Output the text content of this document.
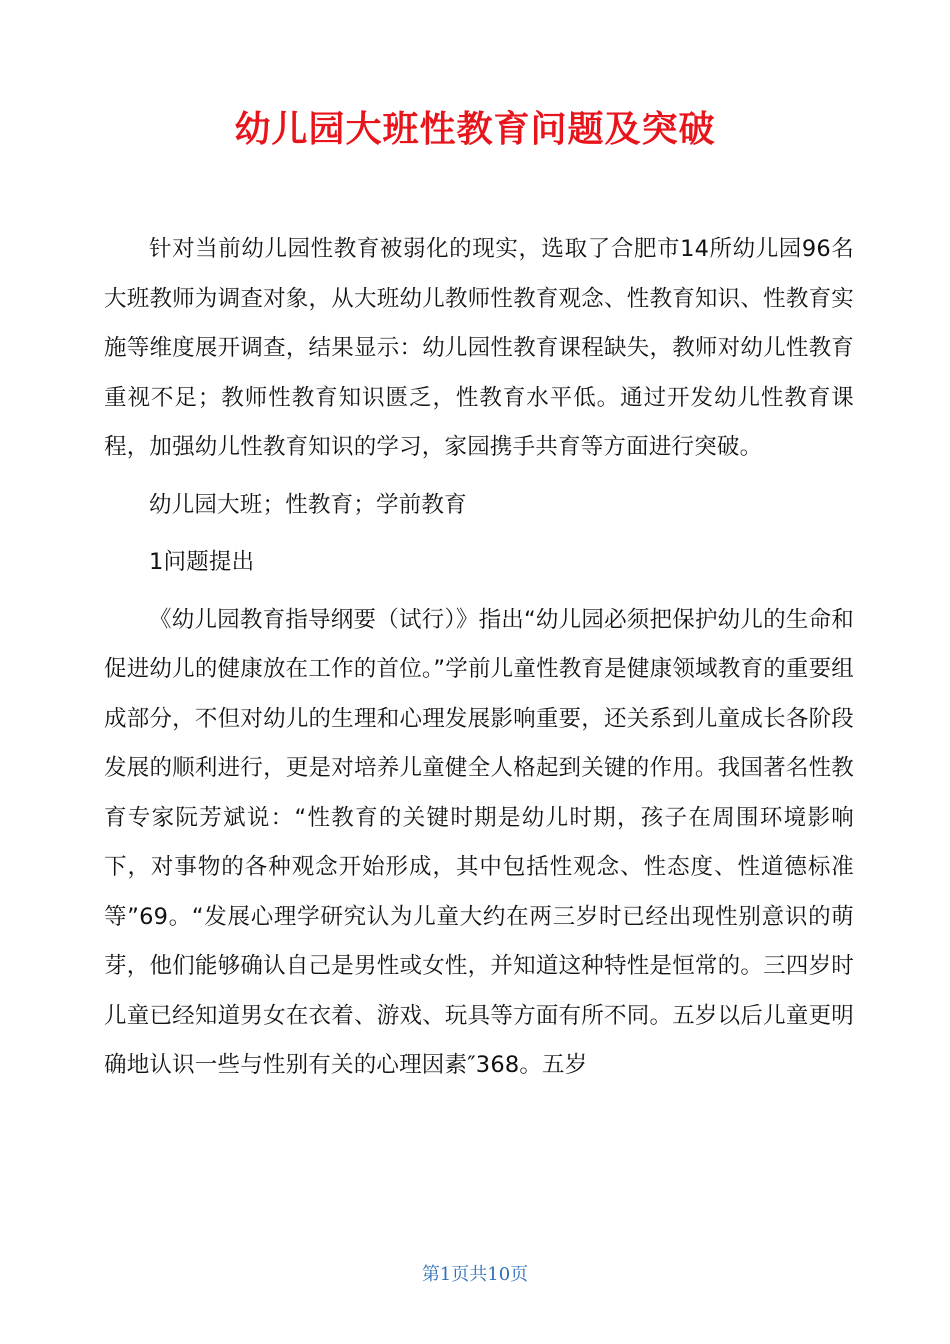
幼儿园大班性教育问题及突破

针对当前幼儿园性教育被弱化的现实，选取了合肥市14所幼儿园96名大班教师为调查对象，从大班幼儿教师性教育观念、性教育知识、性教育实施等维度展开调查，结果显示：幼儿园性教育课程缺失，教师对幼儿性教育重视不足；教师性教育知识匮乏，性教育水平低。通过开发幼儿性教育课程，加强幼儿性教育知识的学习，家园携手共育等方面进行突破。

幼儿园大班；性教育；学前教育

1问题提出

《幼儿园教育指导纲要（试行）》指出“幼儿园必须把保护幼儿的生命和促进幼儿的健康放在工作的首位。”学前儿童性教育是健康领域教育的重要组成部分，不但对幼儿的生理和心理发展影响重要，还关系到儿童成长各阶段发展的顺利进行，更是对培养儿童健全人格起到关键的作用。我国著名性教育专家阮芳斌说：“性教育的关键时期是幼儿时期，孩子在周围环境影响下，对事物的各种观念开始形成，其中包括性观念、性态度、性道德标准等”69。“发展心理学研究认为儿童大约在两三岁时已经出现性别意识的萌芽，他们能够确认自己是男性或女性，并知道这种特性是恒常的。三四岁时儿童已经知道男女在衣着、游戏、玩具等方面有所不同。五岁以后儿童更明确地认识一些与性别有关的心理因素″368。五岁

第1页共10页
